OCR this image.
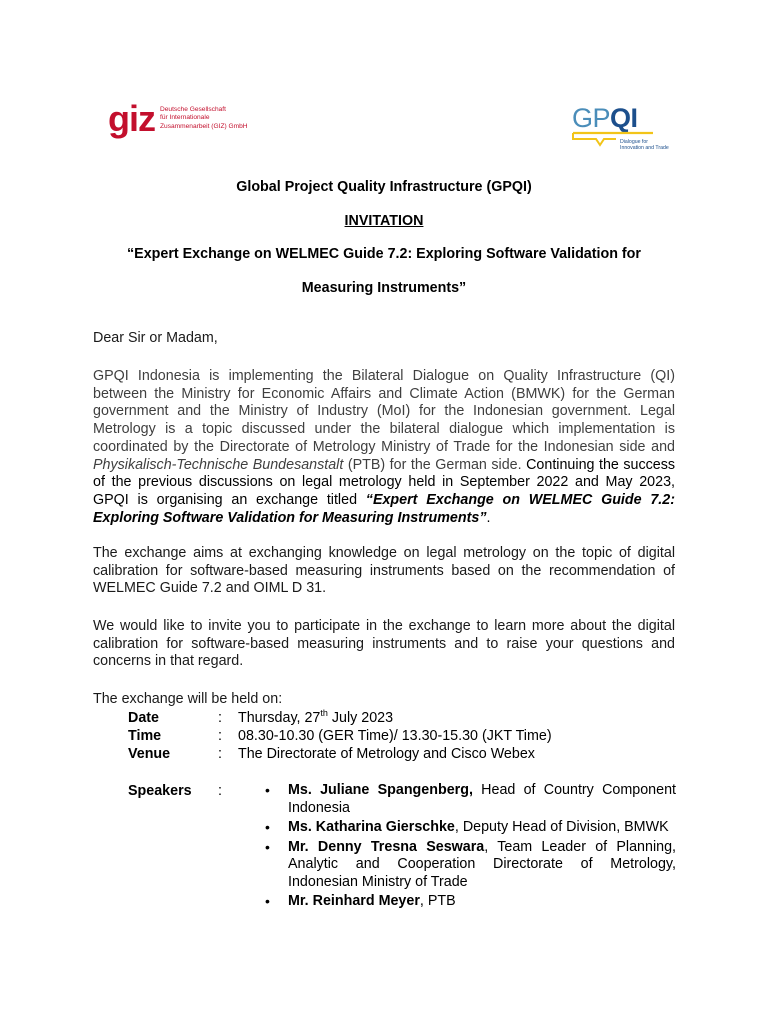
giz Deutsche Gesellschaft
für Internationale
Zusammenarbeit (GIZ) GmbH	GPQI
Dialogue for
Innovation and Trade
Global Project Quality Infrastructure (GPQI)
INVITATION
“Expert Exchange on WELMEC Guide 7.2: Exploring Software Validation for
Measuring Instruments”
Dear Sir or Madam,
GPQI Indonesia is implementing the Bilateral Dialogue on Quality Infrastructure (QI) between the Ministry for Economic Affairs and Climate Action (BMWK) for the German government and the Ministry of Industry (MoI) for the Indonesian government. Legal Metrology is a topic discussed under the bilateral dialogue which implementation is coordinated by the Directorate of Metrology Ministry of Trade for the Indonesian side and Physikalisch-Technische Bundesanstalt (PTB) for the German side. Continuing the success of the previous discussions on legal metrology held in September 2022 and May 2023, GPQI is organising an exchange titled “Expert Exchange on WELMEC Guide 7.2: Exploring Software Validation for Measuring Instruments”.
The exchange aims at exchanging knowledge on legal metrology on the topic of digital calibration for software-based measuring instruments based on the recommendation of WELMEC Guide 7.2 and OIML D 31.
We would like to invite you to participate in the exchange to learn more about the digital calibration for software-based measuring instruments and to raise your questions and concerns in that regard.
The exchange will be held on:
Date	: Thursday, 27th July 2023
Time	: 08.30-10.30 (GER Time)/ 13.30-15.30 (JKT Time)
Venue	: The Directorate of Metrology and Cisco Webex
Speakers :	• Ms. Juliane Spangenberg, Head of Country Component Indonesia
• Ms. Katharina Gierschke, Deputy Head of Division, BMWK
• Mr. Denny Tresna Seswara, Team Leader of Planning, Analytic and Cooperation Directorate of Metrology, Indonesian Ministry of Trade
• Mr. Reinhard Meyer, PTB
